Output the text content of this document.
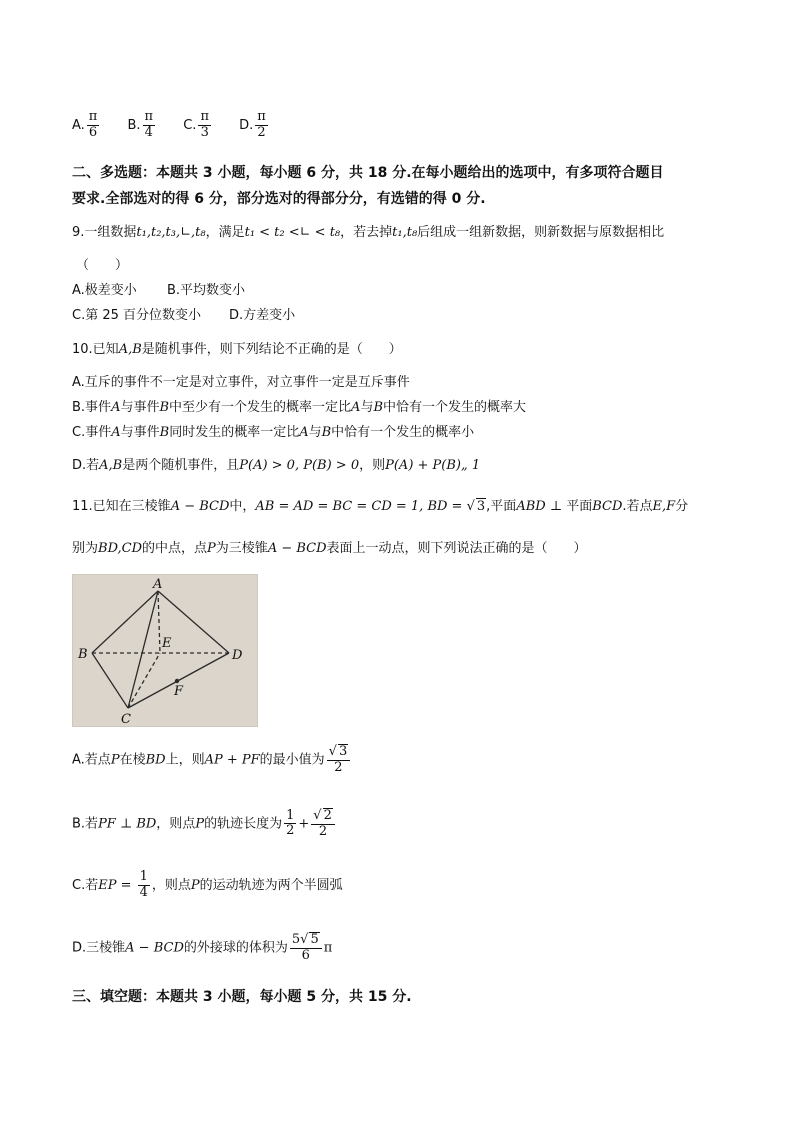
A. $\frac{\pi}{6} B$. $\frac{\pi}{4} C$. $\frac{\pi}{3} D$. $\frac{\pi}{2}$
二、多选题：本题共 3 小题，每小题 6 分，共 18 分.在每小题给出的选项中，有多项符合题目
要求.全部选对的得 6 分，部分选对的得部分分，有选错的得 0 分.
9.一组数据t₁,t₂,t₃,∟,t₈，满足t₁ < t₂ <∟ < t₈，若去掉t₁,t₈后组成一组新数据，则新数据与原数据相比
（　　）
A.极差变小 B.平均数变小
C.第 25 百分位数变小 D.方差变小
10.已知A,B是随机事件，则下列结论不正确的是（　　）
A.互斥的事件不一定是对立事件，对立事件一定是互斥事件
B.事件A与事件B中至少有一个发生的概率一定比A与B中恰有一个发生的概率大
C.事件A与事件B同时发生的概率一定比A与B中恰有一个发生的概率小
D.若A,B是两个随机事件，且P(A) > 0, P(B) > 0，则P(A) + P(B)„ 1
11.已知在三棱锥A − BCD中，AB = AD = BC = CD = 1, BD = √ 3,平面ABD ⊥ 平面BCD.若点E,F分
别为BD,CD的中点，点P为三棱锥A − BCD表面上一动点，则下列说法正确的是（　　）
A
B
C
D
E
F
A.若点P在棱BD上，则AP + PF的最小值为 $\frac{√ 3}{2}$
B.若PF ⊥ BD，则点P的轨迹长度为 $\frac{1}{2} + \frac{√ 2}{2}$
C.若EP = $\frac{1}{4}$ ，则点P的运动轨迹为两个半圆弧
D.三棱锥A − BCD的外接球的体积为 $\frac{5√ 5}{6}$ π
三、填空题：本题共 3 小题，每小题 5 分，共 15 分.
